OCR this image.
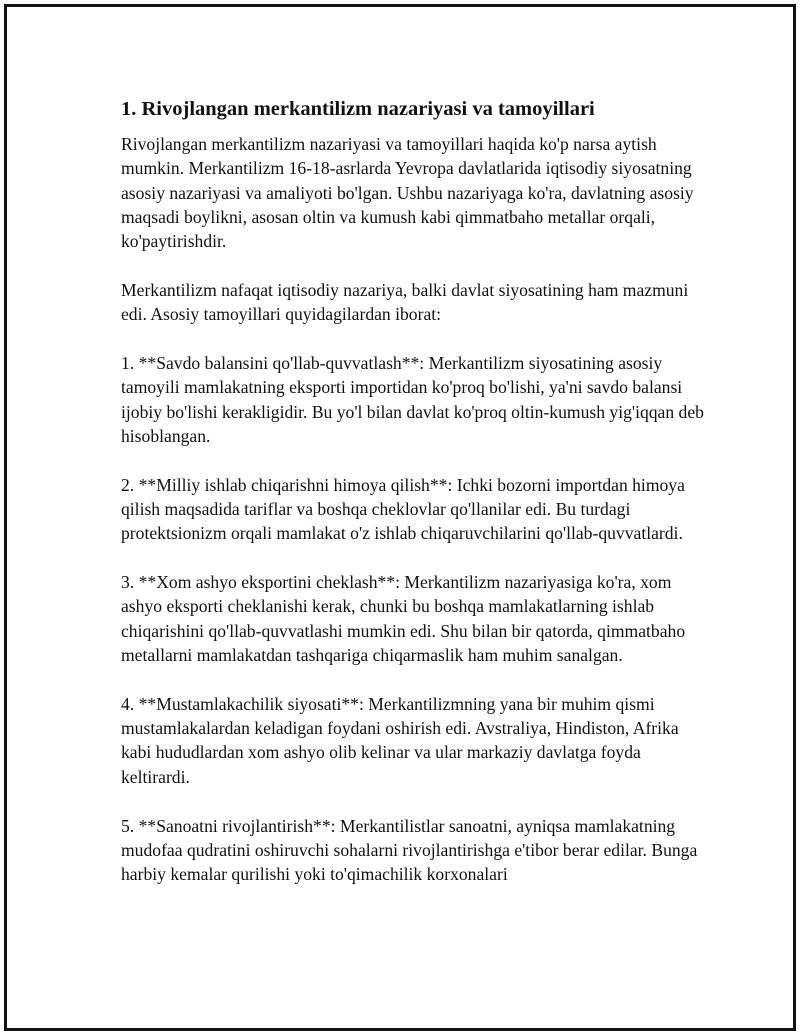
1. Rivojlangan merkantilizm nazariyasi va tamoyillari

Rivojlangan merkantilizm nazariyasi va tamoyillari haqida ko'p narsa aytish mumkin. Merkantilizm 16-18-asrlarda Yevropa davlatlarida iqtisodiy siyosatning asosiy nazariyasi va amaliyoti bo'lgan. Ushbu nazariyaga ko'ra, davlatning asosiy maqsadi boylikni, asosan oltin va kumush kabi qimmatbaho metallar orqali, ko'paytirishdir.

Merkantilizm nafaqat iqtisodiy nazariya, balki davlat siyosatining ham mazmuni edi. Asosiy tamoyillari quyidagilardan iborat:

1. **Savdo balansini qo'llab-quvvatlash**: Merkantilizm siyosatining asosiy tamoyili mamlakatning eksporti importidan ko'proq bo'lishi, ya'ni savdo balansi ijobiy bo'lishi kerakligidir. Bu yo'l bilan davlat ko'proq oltin-kumush yig'iqqan deb hisoblangan.

2. **Milliy ishlab chiqarishni himoya qilish**: Ichki bozorni importdan himoya qilish maqsadida tariflar va boshqa cheklovlar qo'llanilar edi. Bu turdagi protektsionizm orqali mamlakat o'z ishlab chiqaruvchilarini qo'llab-quvvatlardi.

3. **Xom ashyo eksportini cheklash**: Merkantilizm nazariyasiga ko'ra, xom ashyo eksporti cheklanishi kerak, chunki bu boshqa mamlakatlarning ishlab chiqarishini qo'llab-quvvatlashi mumkin edi. Shu bilan bir qatorda, qimmatbaho metallarni mamlakatdan tashqariga chiqarmaslik ham muhim sanalgan.

4. **Mustamlakachilik siyosati**: Merkantilizmning yana bir muhim qismi mustamlakalardan keladigan foydani oshirish edi. Avstraliya, Hindiston, Afrika kabi hududlardan xom ashyo olib kelinar va ular markaziy davlatga foyda keltirardi.

5. **Sanoatni rivojlantirish**: Merkantilistlar sanoatni, ayniqsa mamlakatning mudofaa qudratini oshiruvchi sohalarni rivojlantirishga e'tibor berar edilar. Bunga harbiy kemalar qurilishi yoki to'qimachilik korxonalari
